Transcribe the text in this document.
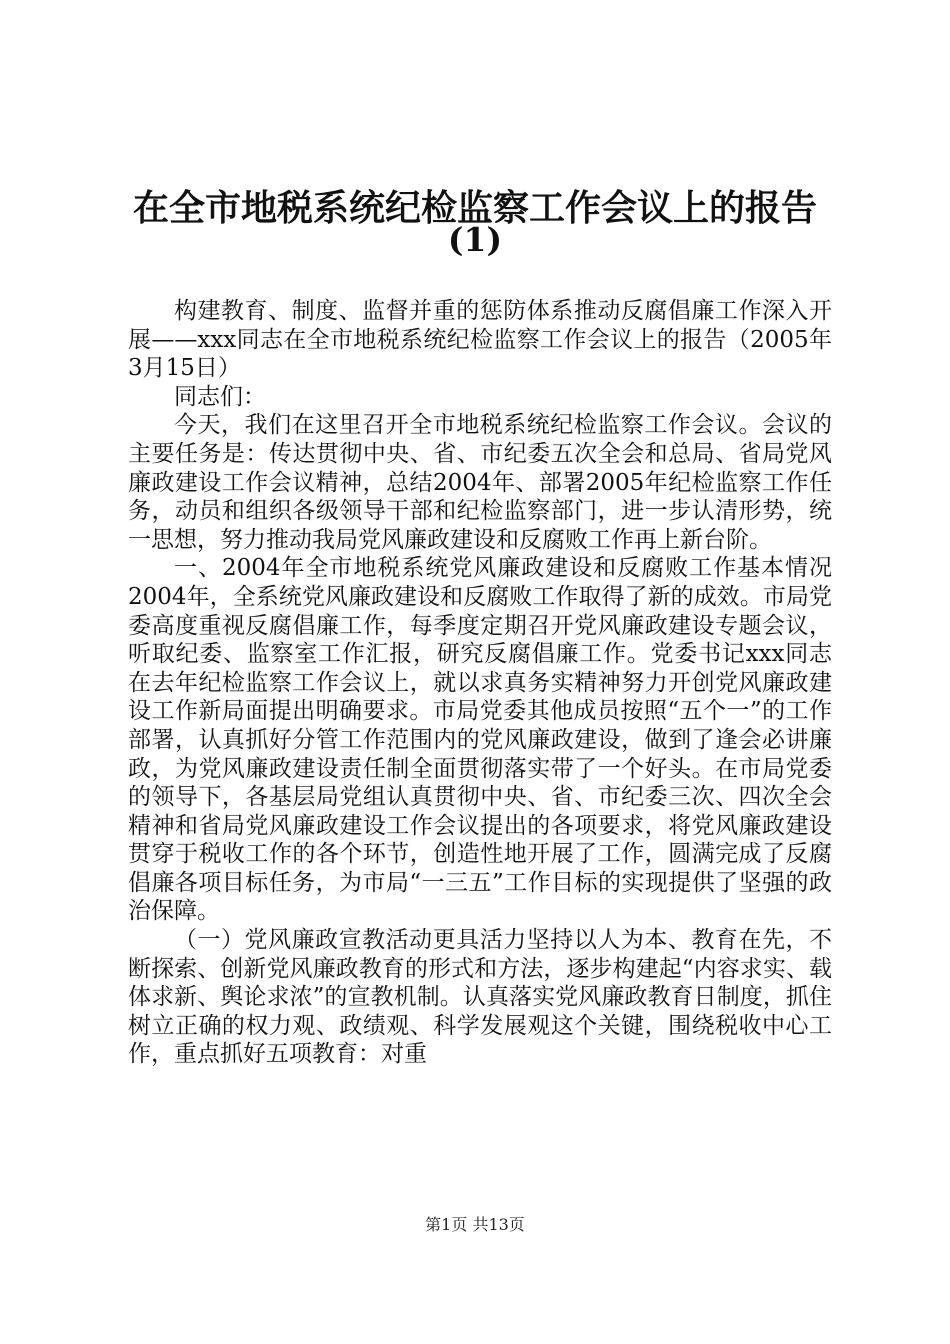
在全市地税系统纪检监察工作会议上的报告
(1)

构建教育、制度、监督并重的惩防体系推动反腐倡廉工作深入开展——xxx同志在全市地税系统纪检监察工作会议上的报告（2005年3月15日）

同志们：

今天，我们在这里召开全市地税系统纪检监察工作会议。会议的主要任务是：传达贯彻中央、省、市纪委五次全会和总局、省局党风廉政建设工作会议精神，总结2004年、部署2005年纪检监察工作任务，动员和组织各级领导干部和纪检监察部门，进一步认清形势，统一思想，努力推动我局党风廉政建设和反腐败工作再上新台阶。

一、2004年全市地税系统党风廉政建设和反腐败工作基本情况2004年，全系统党风廉政建设和反腐败工作取得了新的成效。市局党委高度重视反腐倡廉工作，每季度定期召开党风廉政建设专题会议，听取纪委、监察室工作汇报，研究反腐倡廉工作。党委书记xxx同志在去年纪检监察工作会议上，就以求真务实精神努力开创党风廉政建设工作新局面提出明确要求。市局党委其他成员按照“五个一”的工作部署，认真抓好分管工作范围内的党风廉政建设，做到了逢会必讲廉政，为党风廉政建设责任制全面贯彻落实带了一个好头。在市局党委的领导下，各基层局党组认真贯彻中央、省、市纪委三次、四次全会精神和省局党风廉政建设工作会议提出的各项要求，将党风廉政建设贯穿于税收工作的各个环节，创造性地开展了工作，圆满完成了反腐倡廉各项目标任务，为市局“一三五”工作目标的实现提供了坚强的政治保障。

（一）党风廉政宣教活动更具活力坚持以人为本、教育在先，不断探索、创新党风廉政教育的形式和方法，逐步构建起“内容求实、载体求新、舆论求浓”的宣教机制。认真落实党风廉政教育日制度，抓住树立正确的权力观、政绩观、科学发展观这个关键，围绕税收中心工作，重点抓好五项教育：对重

第1页 共13页
